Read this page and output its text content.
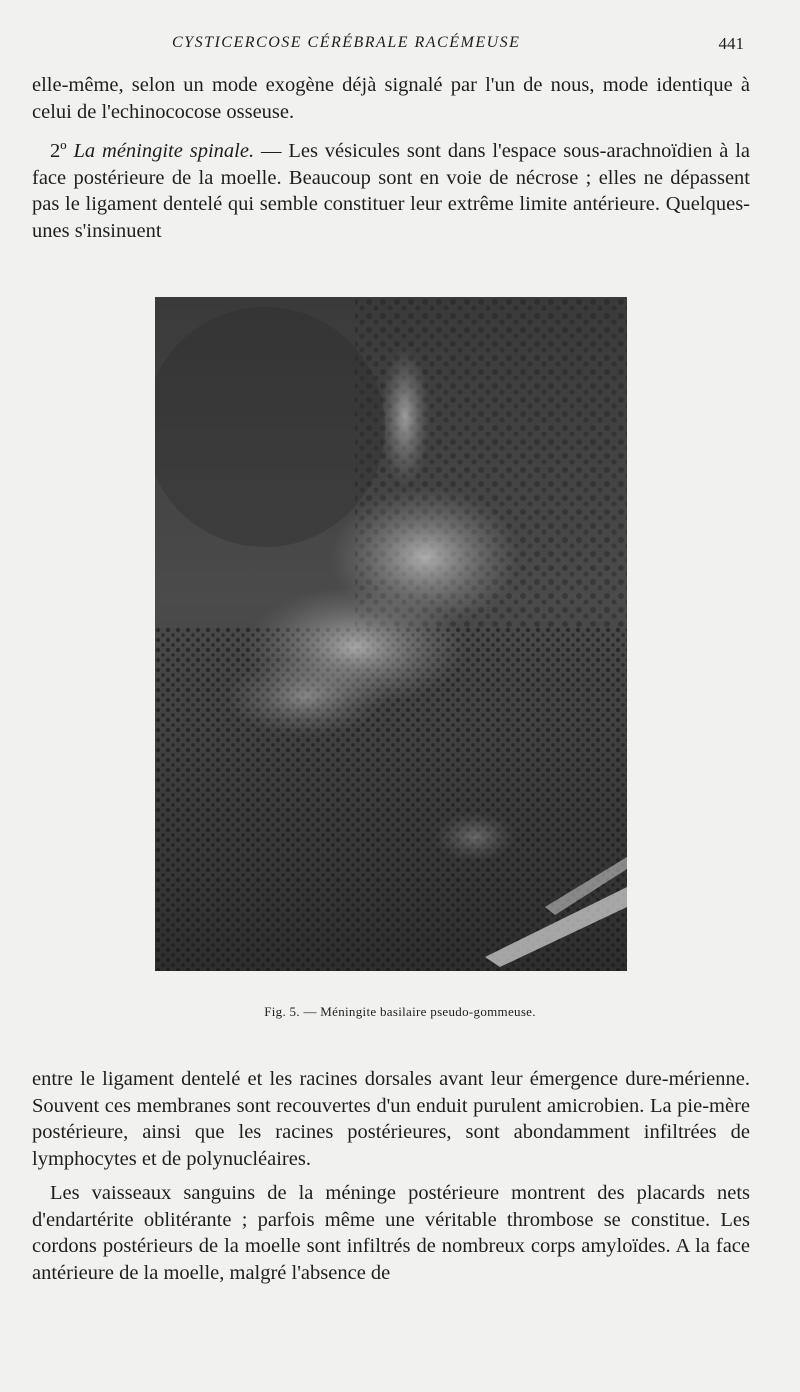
CYSTICERCOSE CÉRÉBRALE RACÉMEUSE	441

elle-même, selon un mode exogène déjà signalé par l'un de nous, mode identique à celui de l'echinococose osseuse.

2º La méningite spinale. — Les vésicules sont dans l'espace sous-arachnoïdien à la face postérieure de la moelle. Beaucoup sont en voie de nécrose ; elles ne dépassent pas le ligament dentelé qui semble constituer leur extrême limite antérieure. Quelques-unes s'insinuent

Fig. 5. — Méningite basilaire pseudo-gommeuse.

entre le ligament dentelé et les racines dorsales avant leur émergence dure-mérienne. Souvent ces membranes sont recouvertes d'un enduit purulent amicrobien. La pie-mère postérieure, ainsi que les racines postérieures, sont abondamment infiltrées de lymphocytes et de polynucléaires.

Les vaisseaux sanguins de la méninge postérieure montrent des placards nets d'endartérite oblitérante ; parfois même une véritable thrombose se constitue. Les cordons postérieurs de la moelle sont infiltrés de nombreux corps amyloïdes. A la face antérieure de la moelle, malgré l'absence de
